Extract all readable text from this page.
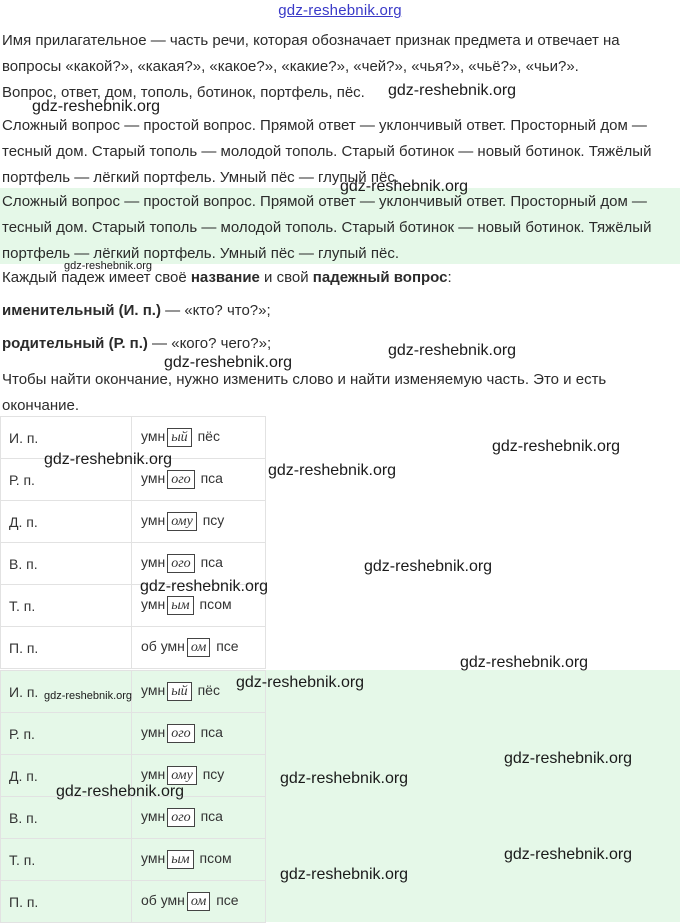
gdz-reshebnik.org
Имя прилагательное — часть речи, которая обозначает признак предмета и отвечает на вопросы «какой?», «какая?», «какое?», «какие?», «чей?», «чья?», «чьё?», «чьи?».
Вопрос, ответ, дом, тополь, ботинок, портфель, пёс.
Сложный вопрос — простой вопрос. Прямой ответ — уклончивый ответ. Просторный дом — тесный дом. Старый тополь — молодой тополь. Старый ботинок — новый ботинок. Тяжёлый портфель — лёгкий портфель. Умный пёс — глупый пёс.
Сложный вопрос — простой вопрос. Прямой ответ — уклончивый ответ. Просторный дом — тесный дом. Старый тополь — молодой тополь. Старый ботинок — новый ботинок. Тяжёлый портфель — лёгкий портфель. Умный пёс — глупый пёс.
Каждый падеж имеет своё название и свой падежный вопрос:
именительный (И. п.) — «кто? что?»;
родительный (Р. п.) — «кого? чего?»;
Чтобы найти окончание, нужно изменить слово и найти изменяемую часть. Это и есть окончание.
И. п.	умн ый пёс
Р. п.	умн ого пса
Д. п.	умн ому псу
В. п.	умн ого пса
Т. п.	умн ым псом
П. п.	об умн ом псе
И. п.	умн ый пёс
Р. п.	умн ого пса
Д. п.	умн ому псу
В. п.	умн ого пса
Т. п.	умн ым псом
П. п.	об умн ом псе
gdz-reshebnik.org
gdz-reshebnik.org
gdz-reshebnik.org
gdz-reshebnik.org
gdz-reshebnik.org
gdz-reshebnik.org
gdz-reshebnik.org
gdz-reshebnik.org
gdz-reshebnik.org
gdz-reshebnik.org
gdz-reshebnik.org
gdz-reshebnik.org
gdz-reshebnik.org
gdz-reshebnik.org
gdz-reshebnik.org
gdz-reshebnik.org
gdz-reshebnik.org
gdz-reshebnik.org
gdz-reshebnik.org
